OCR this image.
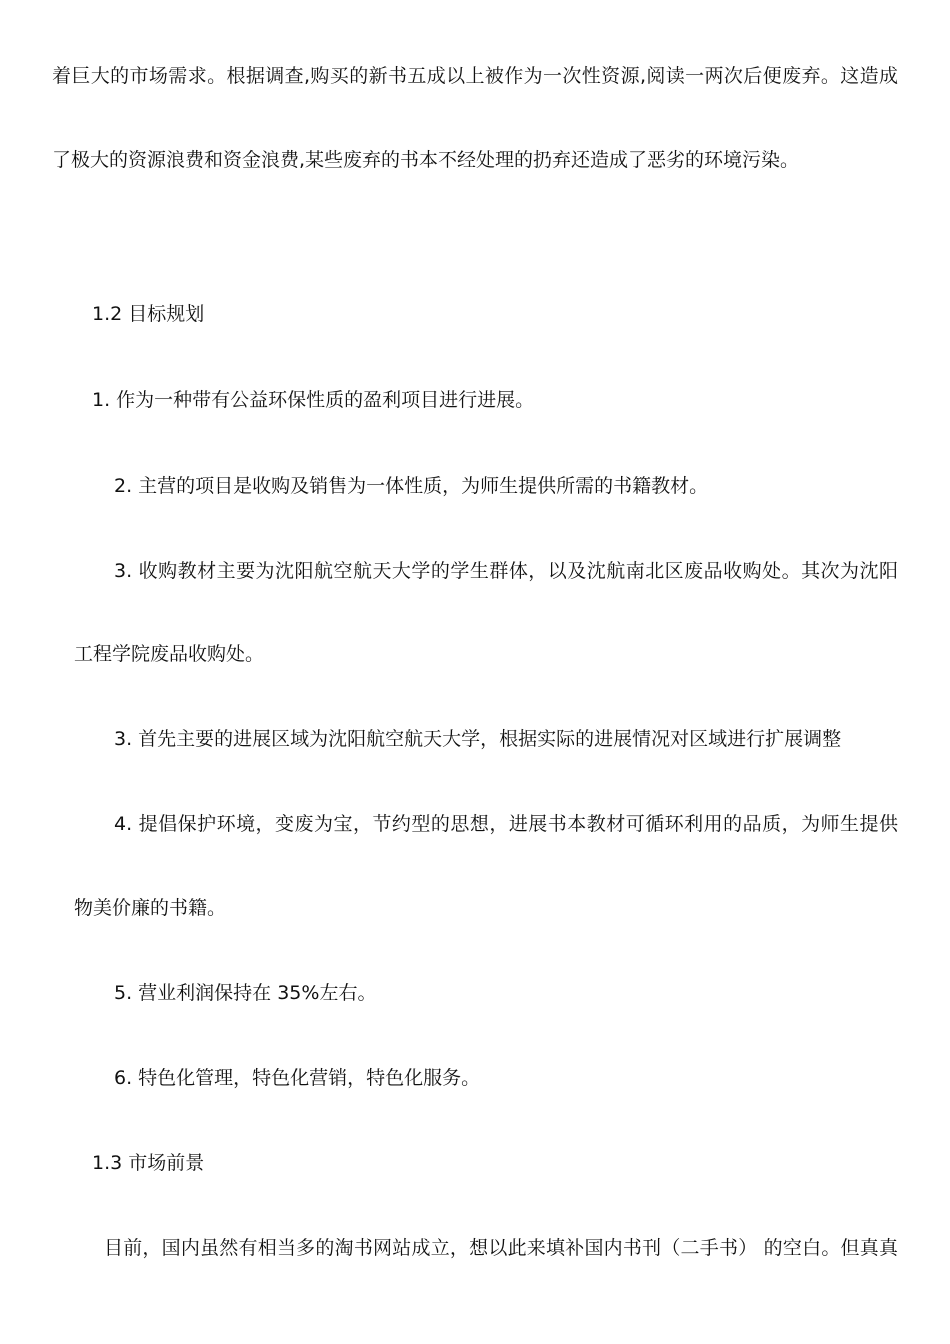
着巨大的市场需求。根据调查,购买的新书五成以上被作为一次性资源,阅读一两次后便废弃。这造成
了极大的资源浪费和资金浪费,某些废弃的书本不经处理的扔弃还造成了恶劣的环境污染。
1.2 目标规划
1. 作为一种带有公益环保性质的盈利项目进行进展。
2. 主营的项目是收购及销售为一体性质，为师生提供所需的书籍教材。
3. 收购教材主要为沈阳航空航天大学的学生群体，以及沈航南北区废品收购处。其次为沈阳
工程学院废品收购处。
3. 首先主要的进展区域为沈阳航空航天大学，根据实际的进展情况对区域进行扩展调整
4. 提倡保护环境，变废为宝，节约型的思想，进展书本教材可循环利用的品质，为师生提供
物美价廉的书籍。
5. 营业利润保持在 35%左右。
6. 特色化管理，特色化营销，特色化服务。
1.3 市场前景
目前，国内虽然有相当多的淘书网站成立，想以此来填补国内书刊（二手书） 的空白。但真真
